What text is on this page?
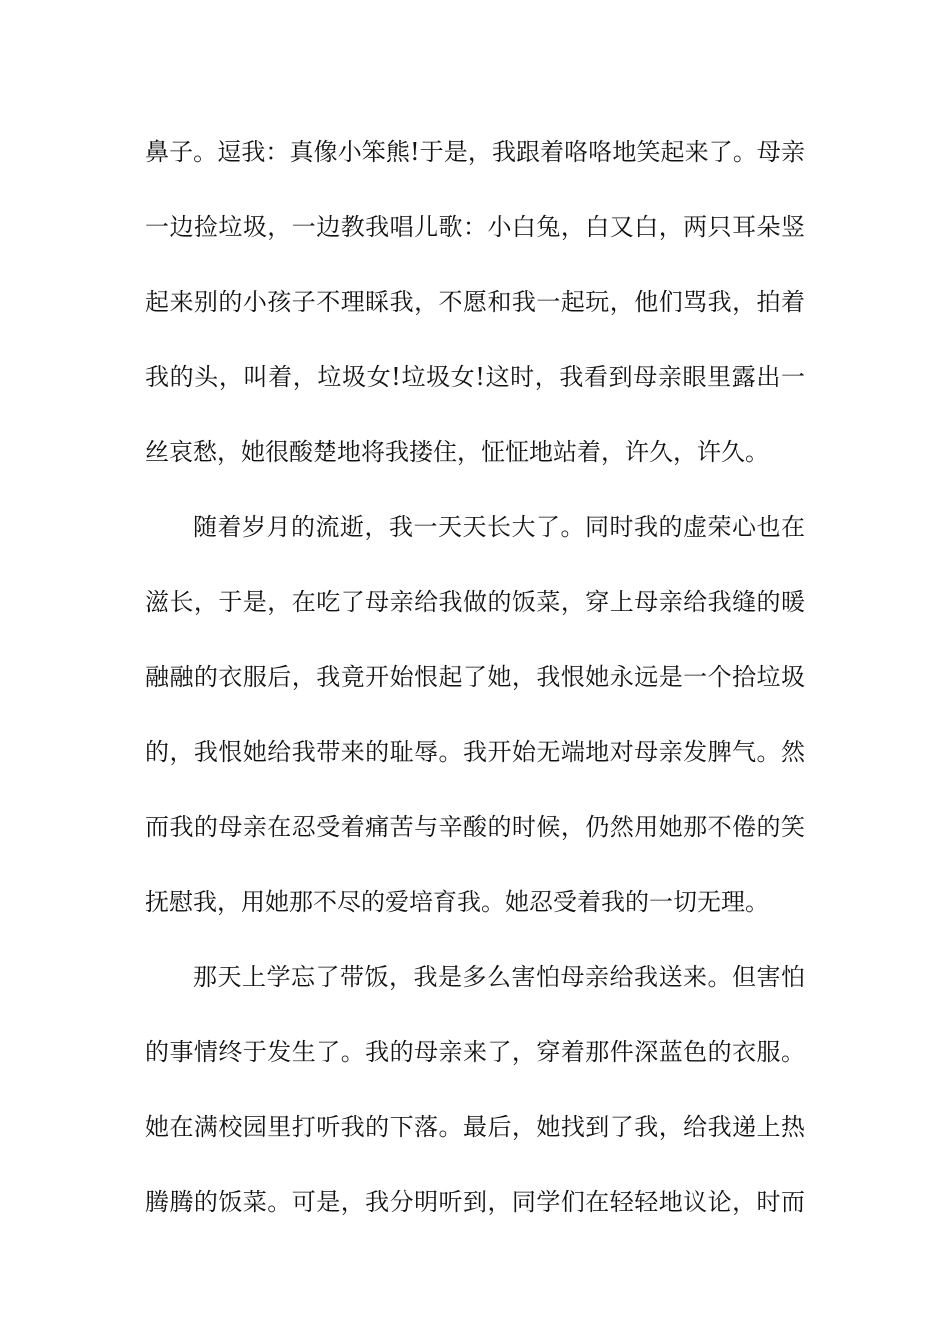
鼻子。逗我：真像小笨熊!于是，我跟着咯咯地笑起来了。母亲
一边捡垃圾，一边教我唱儿歌：小白兔，白又白，两只耳朵竖
起来别的小孩子不理睬我，不愿和我一起玩，他们骂我，拍着
我的头，叫着，垃圾女!垃圾女!这时，我看到母亲眼里露出一
丝哀愁，她很酸楚地将我搂住，怔怔地站着，许久，许久。
随着岁月的流逝，我一天天长大了。同时我的虚荣心也在
滋长，于是，在吃了母亲给我做的饭菜，穿上母亲给我缝的暖
融融的衣服后，我竟开始恨起了她，我恨她永远是一个拾垃圾
的，我恨她给我带来的耻辱。我开始无端地对母亲发脾气。然
而我的母亲在忍受着痛苦与辛酸的时候，仍然用她那不倦的笑
抚慰我，用她那不尽的爱培育我。她忍受着我的一切无理。
那天上学忘了带饭，我是多么害怕母亲给我送来。但害怕
的事情终于发生了。我的母亲来了，穿着那件深蓝色的衣服。
她在满校园里打听我的下落。最后，她找到了我，给我递上热
腾腾的饭菜。可是，我分明听到，同学们在轻轻地议论，时而
